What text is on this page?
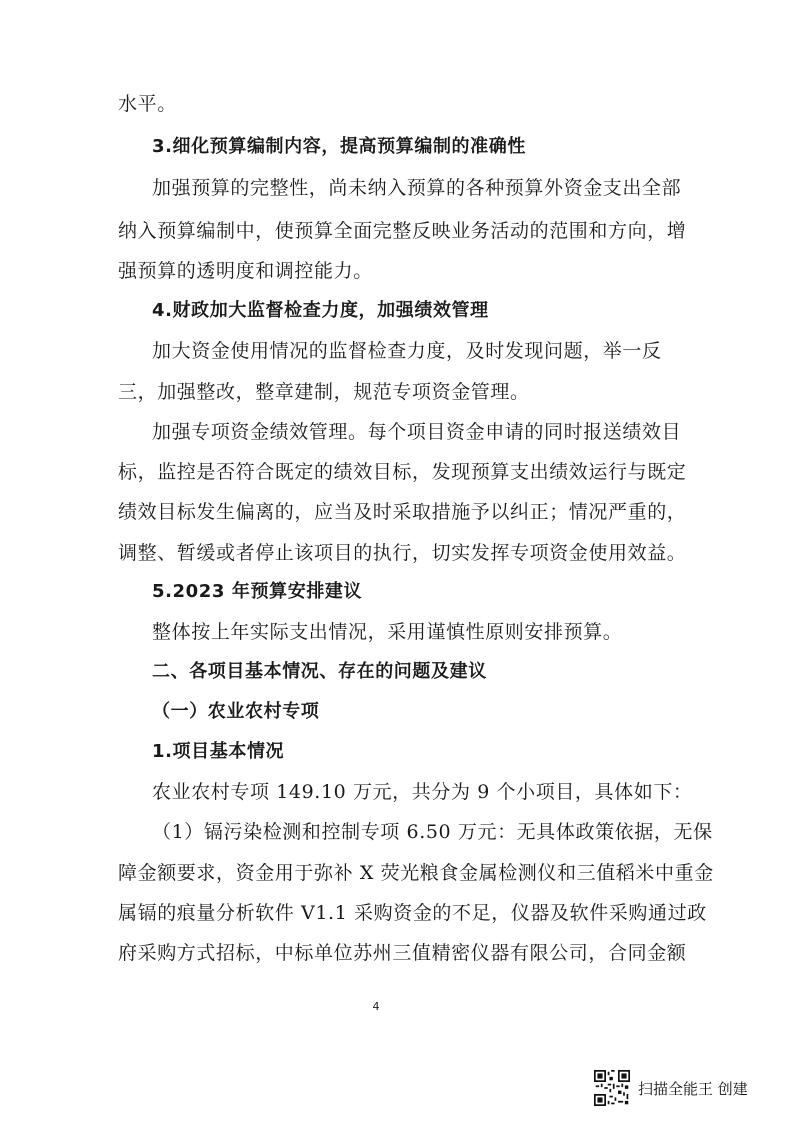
水平。
3.细化预算编制内容，提高预算编制的准确性
加强预算的完整性，尚未纳入预算的各种预算外资金支出全部
纳入预算编制中，使预算全面完整反映业务活动的范围和方向，增
强预算的透明度和调控能力。
4.财政加大监督检查力度，加强绩效管理
加大资金使用情况的监督检查力度，及时发现问题，举一反
三，加强整改，整章建制，规范专项资金管理。
加强专项资金绩效管理。每个项目资金申请的同时报送绩效目
标，监控是否符合既定的绩效目标，发现预算支出绩效运行与既定
绩效目标发生偏离的，应当及时采取措施予以纠正；情况严重的，
调整、暂缓或者停止该项目的执行，切实发挥专项资金使用效益。
5.2023 年预算安排建议
整体按上年实际支出情况，采用谨慎性原则安排预算。
二、各项目基本情况、存在的问题及建议
（一）农业农村专项
1.项目基本情况
农业农村专项 149.10 万元，共分为 9 个小项目，具体如下：
（1）镉污染检测和控制专项 6.50 万元：无具体政策依据，无保
障金额要求，资金用于弥补 X 荧光粮食金属检测仪和三值稻米中重金
属镉的痕量分析软件 V1.1 采购资金的不足，仪器及软件采购通过政
府采购方式招标，中标单位苏州三值精密仪器有限公司，合同金额
4
扫描全能王 创建
